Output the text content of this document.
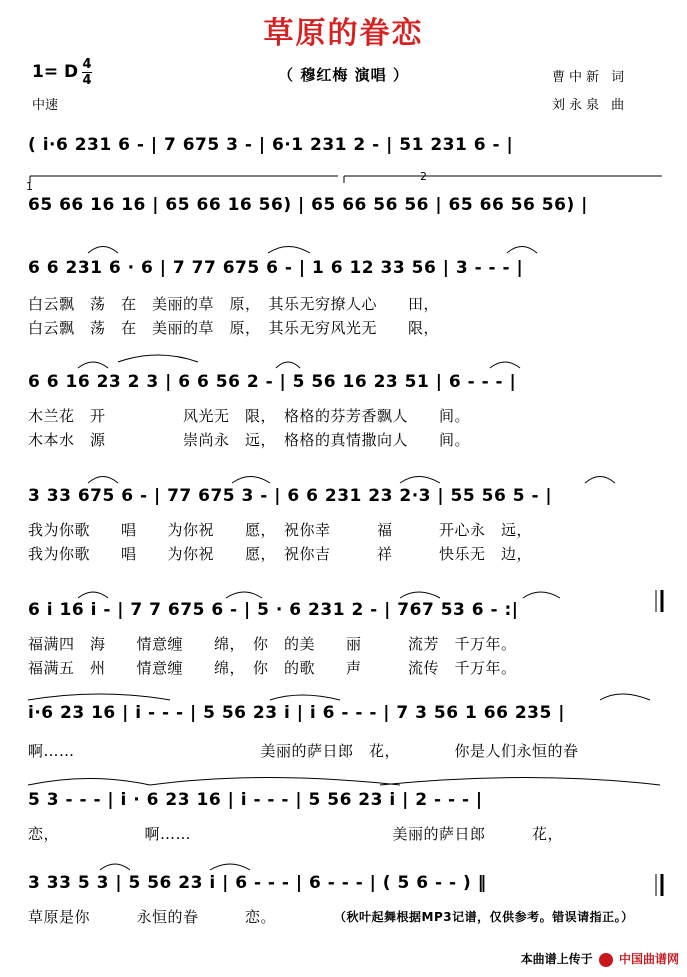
草原的眷恋
1= D 4
4	（ 穆红梅 演唱 ）
中速
曹中新 词
刘永泉 曲
1
2
( i·6 231 6 - | 7 675 3 - | 6·1 231 2 - | 51 231 6 - |
65 66 16 16 | 65 66 16 56) | 65 66 56 56 | 65 66 56 56) |
6 6 231 6 · 6 | 7 77 675 6 - | 1 6 12 33 56 | 3 - - - |
白云飘　荡　在　美丽的草　原，　其乐无穷撩人心　　田，
白云飘　荡　在　美丽的草　原，　其乐无穷风光无　　限，
6 6 16 23 2 3 | 6 6 56 2 - | 5 56 16 23 51 | 6 - - - |
木兰花　开　　　　　风光无　限，　格格的芬芳香飘人　　间。
木本水　源　　　　　崇尚永　远，　格格的真情撒向人　　间。
3 33 675 6 - | 77 675 3 - | 6 6 231 23 2·3 | 55 56 5 - |
我为你歌　　唱　　为你祝　　愿，　祝你幸　　　福　　　开心永　远，
我为你歌　　唱　　为你祝　　愿，　祝你吉　　　祥　　　快乐无　边，
6 i 16 i - | 7 7 675 6 - | 5 · 6 231 2 - | 767 53 6 - :|
福满四　海　　情意缠　　绵，　你　的美　　丽　　　流芳　千万年。
福满五　州　　情意缠　　绵，　你　的歌　　声　　　流传　千万年。
i·6 23 16 | i - - - | 5 56 23 i | i 6 - - - | 7 3 56 1 66 235 |
啊……　　　　　　　　　　　　美丽的萨日郎　花，　　　　你是人们永恒的眷
5 3 - - - | i · 6 23 16 | i - - - | 5 56 23 i | 2 - - - |
恋，　　　　　　啊……　　　　　　　　　　　　　美丽的萨日郎　　　花，
3 33 5 3 | 5 56 23 i | 6 - - - | 6 - - - | ( 5 6 - - ) ‖
草原是你　　　永恒的眷　　　恋。	（秋叶起舞根据MP3记谱，仅供参考。错误请指正。）
本曲谱上传于 中国曲谱网
